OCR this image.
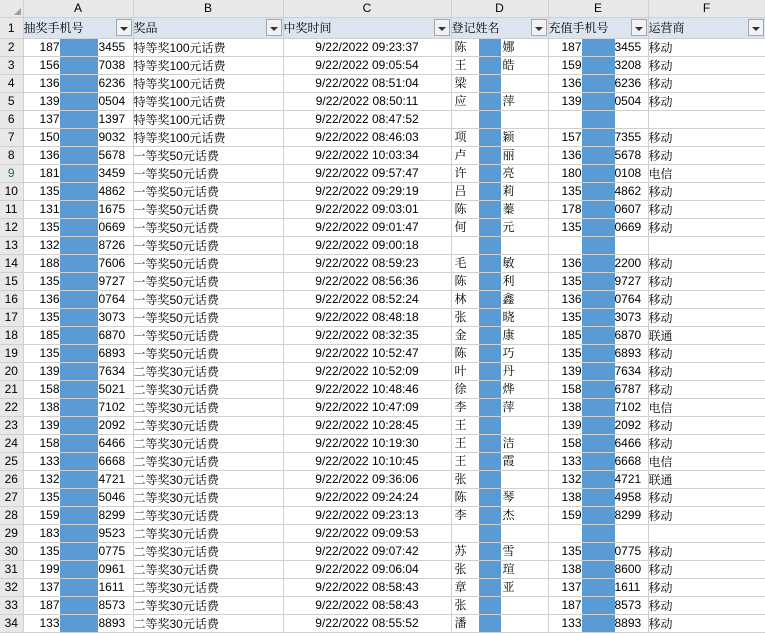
	A	B	C	D	E	F
1	抽奖手机号	奖品	中奖时间	登记姓名	充值手机号	运营商

2	187 3455	特等奖100元话费	9/22/2022 09:23:37	陈 娜	187 3455	移动
3	156 7038	特等奖100元话费	9/22/2022 09:05:54	王 皓	159 3208	移动
4	136 6236	特等奖100元话费	9/22/2022 08:51:04	梁	136 6236	移动
5	139 0504	特等奖100元话费	9/22/2022 08:50:11	应 萍	139 0504	移动
6	137 1397	特等奖100元话费	9/22/2022 08:47:52	

7	150 9032	特等奖100元话费	9/22/2022 08:46:03	项 颖	157 7355	移动
8	136 5678	一等奖50元话费	9/22/2022 10:03:34	卢 丽	136 5678	移动
9	181 3459	一等奖50元话费	9/22/2022 09:57:47	许 亮	180 0108	电信
10	135 4862	一等奖50元话费	9/22/2022 09:29:19	吕 莉	135 4862	移动
11	131 1675	一等奖50元话费	9/22/2022 09:03:01	陈 蓁	178 0607	移动
12	135 0669	一等奖50元话费	9/22/2022 09:01:47	何 元	135 0669	移动
13	132 8726	一等奖50元话费	9/22/2022 09:00:18	

14	188 7606	一等奖50元话费	9/22/2022 08:59:23	毛 敏	136 2200	移动
15	135 9727	一等奖50元话费	9/22/2022 08:56:36	陈 利	135 9727	移动
16	136 0764	一等奖50元话费	9/22/2022 08:52:24	林 鑫	136 0764	移动
17	135 3073	一等奖50元话费	9/22/2022 08:48:18	张 晓	135 3073	移动
18	185 6870	一等奖50元话费	9/22/2022 08:32:35	金 康	185 6870	联通
19	135 6893	一等奖50元话费	9/22/2022 10:52:47	陈 巧	135 6893	移动
20	139 7634	二等奖30元话费	9/22/2022 10:52:09	叶 丹	139 7634	移动
21	158 5021	二等奖30元话费	9/22/2022 10:48:46	徐 烨	158 6787	移动
22	138 7102	二等奖30元话费	9/22/2022 10:47:09	李 萍	138 7102	电信
23	139 2092	二等奖30元话费	9/22/2022 10:28:45	王	139 2092	移动
24	158 6466	二等奖30元话费	9/22/2022 10:19:30	王 洁	158 6466	移动
25	133 6668	二等奖30元话费	9/22/2022 10:10:45	王 霞	133 6668	电信
26	132 4721	二等奖30元话费	9/22/2022 09:36:06	张	132 4721	联通
27	135 5046	二等奖30元话费	9/22/2022 09:24:24	陈 琴	138 4958	移动
28	159 8299	二等奖30元话费	9/22/2022 09:23:13	李 杰	159 8299	移动
29	183 9523	二等奖30元话费	9/22/2022 09:09:53	

30	135 0775	二等奖30元话费	9/22/2022 09:07:42	苏 雪	135 0775	移动
31	199 0961	二等奖30元话费	9/22/2022 09:06:04	张 瑄	138 8600	移动
32	137 1611	二等奖30元话费	9/22/2022 08:58:43	章 亚	137 1611	移动
33	187 8573	二等奖30元话费	9/22/2022 08:58:43	张	187 8573	移动
34	133 8893	二等奖30元话费	9/22/2022 08:55:52	潘	133 8893	移动
